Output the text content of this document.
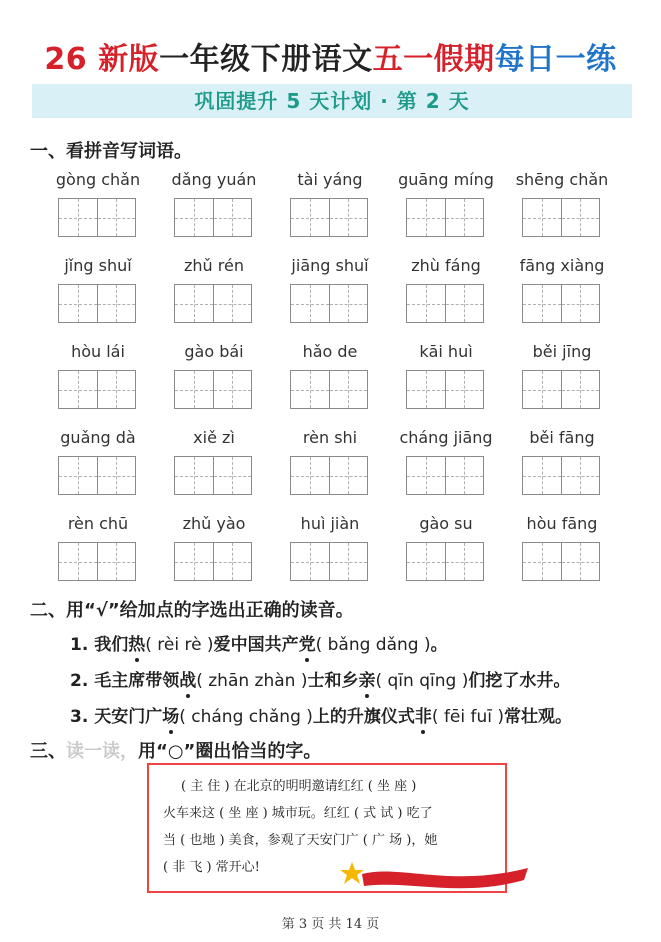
26 新版一年级下册语文五一假期每日一练
巩固提升 5 天计划 · 第 2 天
一、看拼音写词语。
gòng chǎn	dǎng yuán	tài yáng	guāng míng	shēng chǎn
jǐng shuǐ	zhǔ rén	jiāng shuǐ	zhù fáng	fāng xiàng
hòu lái	gào bái	hǎo de	kāi huì	běi jīng
guǎng dà	xiě zì	rèn shi	cháng jiāng	běi fāng
rèn chū	zhǔ yào	huì jiàn	gào su	hòu fāng
二、用“√”给加点的字选出正确的读音。
1. 我们热( rèi rè )爱中国共产党( bǎng dǎng )。
2. 毛主席带领战( zhān zhàn )士和乡亲( qīn qīng )们挖了水井。
3. 天安门广场( cháng chǎng )上的升旗仪式非( fēi fuī )常壮观。
三、读一读，用“○”圈出恰当的字。

( 主 住 ) 在北京的明明邀请红红 ( 坐 座 )

火车来这 ( 坐 座 ) 城市玩。红红 ( 式 试 ) 吃了

当 ( 也地 ) 美食，参观了天安门广 ( 广 场 )，她

( 非 飞 ) 常开心!

第 3 页 共 14 页
